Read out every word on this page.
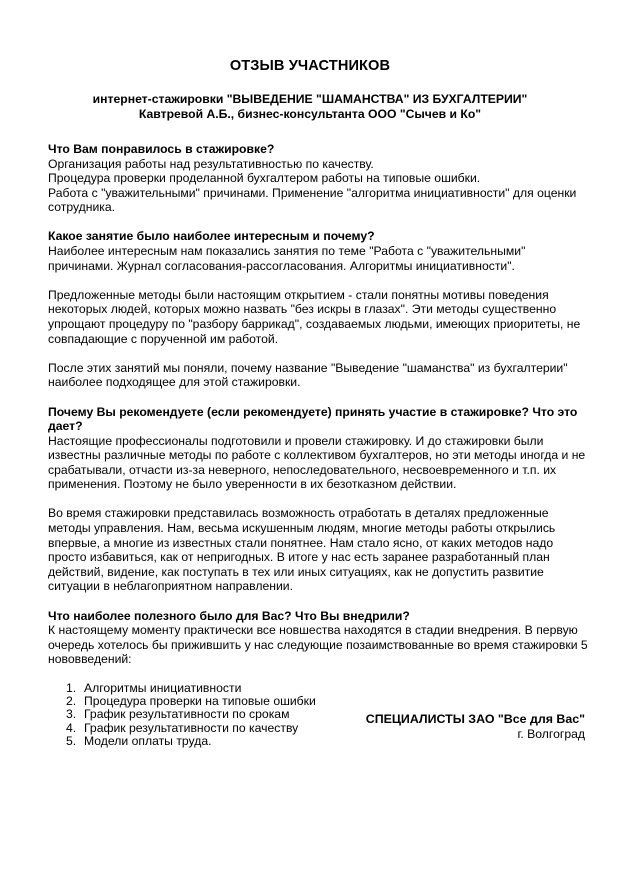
ОТЗЫВ УЧАСТНИКОВ
интернет-стажировки "ВЫВЕДЕНИЕ "ШАМАНСТВА" ИЗ БУХГАЛТЕРИИ"
Кавтревой А.Б., бизнес-консультанта ООО "Сычев и Ко"

Что Вам понравилось в стажировке?

Организация работы над результативностью по качеству.

Процедура проверки проделанной бухгалтером работы на типовые ошибки.

Работа с "уважительными" причинами. Применение "алгоритма инициативности" для оценки сотрудника.

Какое занятие было наиболее интересным и почему?

Наиболее интересным нам показались занятия по теме "Работа с "уважительными" причинами. Журнал согласования-рассогласования. Алгоритмы инициативности".

Предложенные методы были настоящим открытием - стали понятны мотивы поведения некоторых людей, которых можно назвать "без искры в глазах". Эти методы существенно упрощают процедуру по "разбору баррикад", создаваемых людьми, имеющих приоритеты, не совпадающие с порученной им работой.

После этих занятий мы поняли, почему название "Выведение "шаманства" из бухгалтерии" наиболее подходящее для этой стажировки.

Почему Вы рекомендуете (если рекомендуете) принять участие в стажировке? Что это дает?

Настоящие профессионалы подготовили и провели стажировку. И до стажировки были известны различные методы по работе с коллективом бухгалтеров, но эти методы иногда и не срабатывали, отчасти из-за неверного, непоследовательного, несвоевременного и т.п. их применения. Поэтому не было уверенности в их безотказном действии.

Во время стажировки представилась возможность отработать в деталях предложенные методы управления. Нам, весьма искушенным людям, многие методы работы открылись впервые, а многие из известных стали понятнее. Нам стало ясно, от каких методов надо просто избавиться, как от непригодных. В итоге у нас есть заранее разработанный план действий, видение, как поступать в тех или иных ситуациях, как не допустить развитие ситуации в неблагоприятном направлении.

Что наиболее полезного было для Вас? Что Вы внедрили?

К настоящему моменту практически все новшества находятся в стадии внедрения. В первую очередь хотелось бы прижившить у нас следующие позаимствованные во время стажировки 5 нововведений:

1. Алгоритмы инициативности
2. Процедура проверки на типовые ошибки
3. График результативности по срокам
4. График результативности по качеству
5. Модели оплаты труда.
СПЕЦИАЛИСТЫ ЗАО "Все для Вас"
г. Волгоград
